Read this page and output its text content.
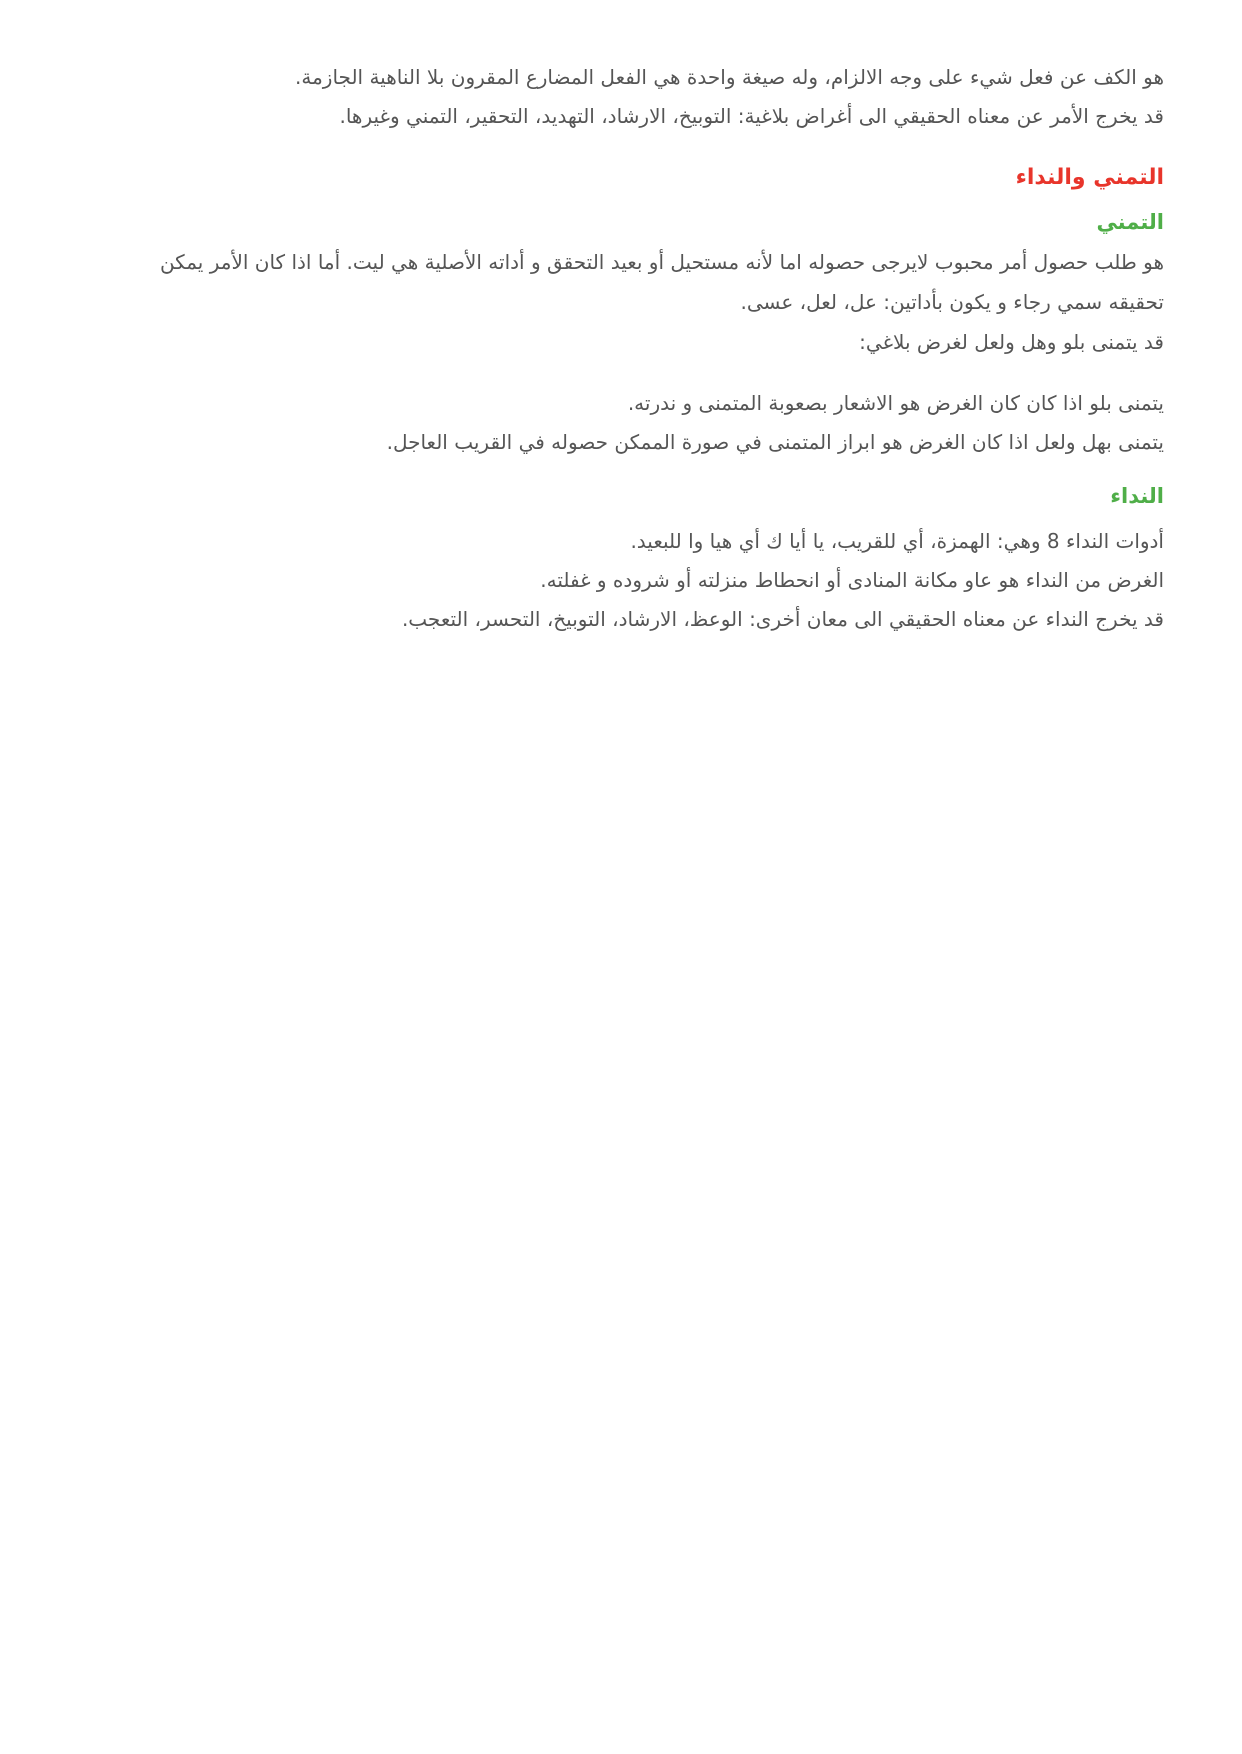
هو الكف عن فعل شيء على وجه الالزام، وله صيغة واحدة هي الفعل المضارع المقرون بلا الناهية الجازمة.

قد يخرج الأمر عن معناه الحقيقي الى أغراض بلاغية: التوبيخ، الارشاد، التهديد، التحقير، التمني وغيرها.

التمني والنداء
التمني

هو طلب حصول أمر محبوب لايرجى حصوله اما لأنه مستحيل أو بعيد التحقق و أداته الأصلية هي ليت. أما اذا كان الأمر يمكن تحقيقه سمي رجاء و يكون بأداتين: عل، لعل، عسى.

قد يتمنى بلو وهل ولعل لغرض بلاغي:

يتمنى بلو اذا كان كان الغرض هو الاشعار بصعوبة المتمنى و ندرته.

يتمنى بهل ولعل اذا كان الغرض هو ابراز المتمنى في صورة الممكن حصوله في القريب العاجل.

النداء

أدوات النداء 8 وهي: الهمزة، أي للقريب، يا أيا ك أي هيا وا للبعيد.

الغرض من النداء هو عاو مكانة المنادى أو انحطاط منزلته أو شروده و غفلته.

قد يخرج النداء عن معناه الحقيقي الى معان أخرى: الوعظ، الارشاد، التوبيخ، التحسر، التعجب.
